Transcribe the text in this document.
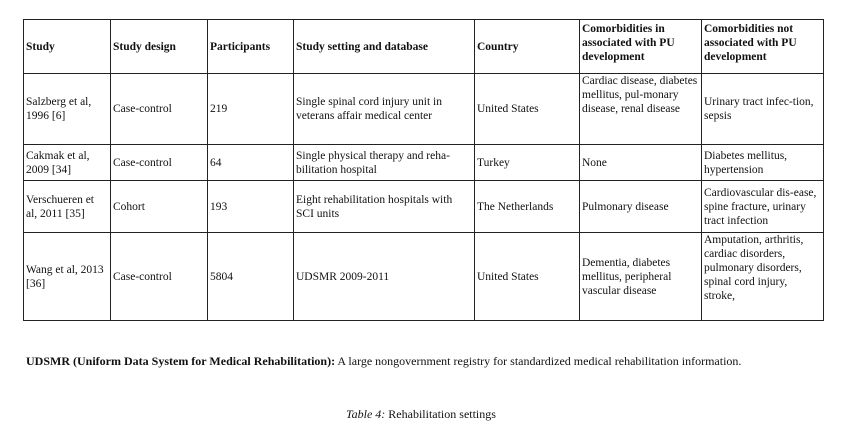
Study	Study design	Participants	Study setting and database	Country	Comorbidities in associated with PU development	Comorbidities not associated with PU development
Salzberg et al, 1996 [6]	Case-control	219	Single spinal cord injury unit in veterans affair medical center	United States	Cardiac disease, diabetes mellitus, pul-monary disease, renal disease	Urinary tract infec-tion, sepsis
Cakmak et al, 2009 [34]	Case-control	64	Single physical therapy and reha-bilitation hospital	Turkey	None	Diabetes mellitus, hypertension
Verschueren et al, 2011 [35]	Cohort	193	Eight rehabilitation hospitals with SCI units	The Netherlands	Pulmonary disease	Cardiovascular dis-ease, spine fracture, urinary tract infection
Wang et al, 2013 [36]	Case-control	5804	UDSMR 2009-2011	United States	Dementia, diabetes mellitus, peripheral vascular disease	Amputation, arthritis, cardiac disorders, pulmonary disorders, spinal cord injury, stroke,
UDSMR (Uniform Data System for Medical Rehabilitation): A large nongovernment registry for standardized medical rehabilitation information.
Table 4: Rehabilitation settings
